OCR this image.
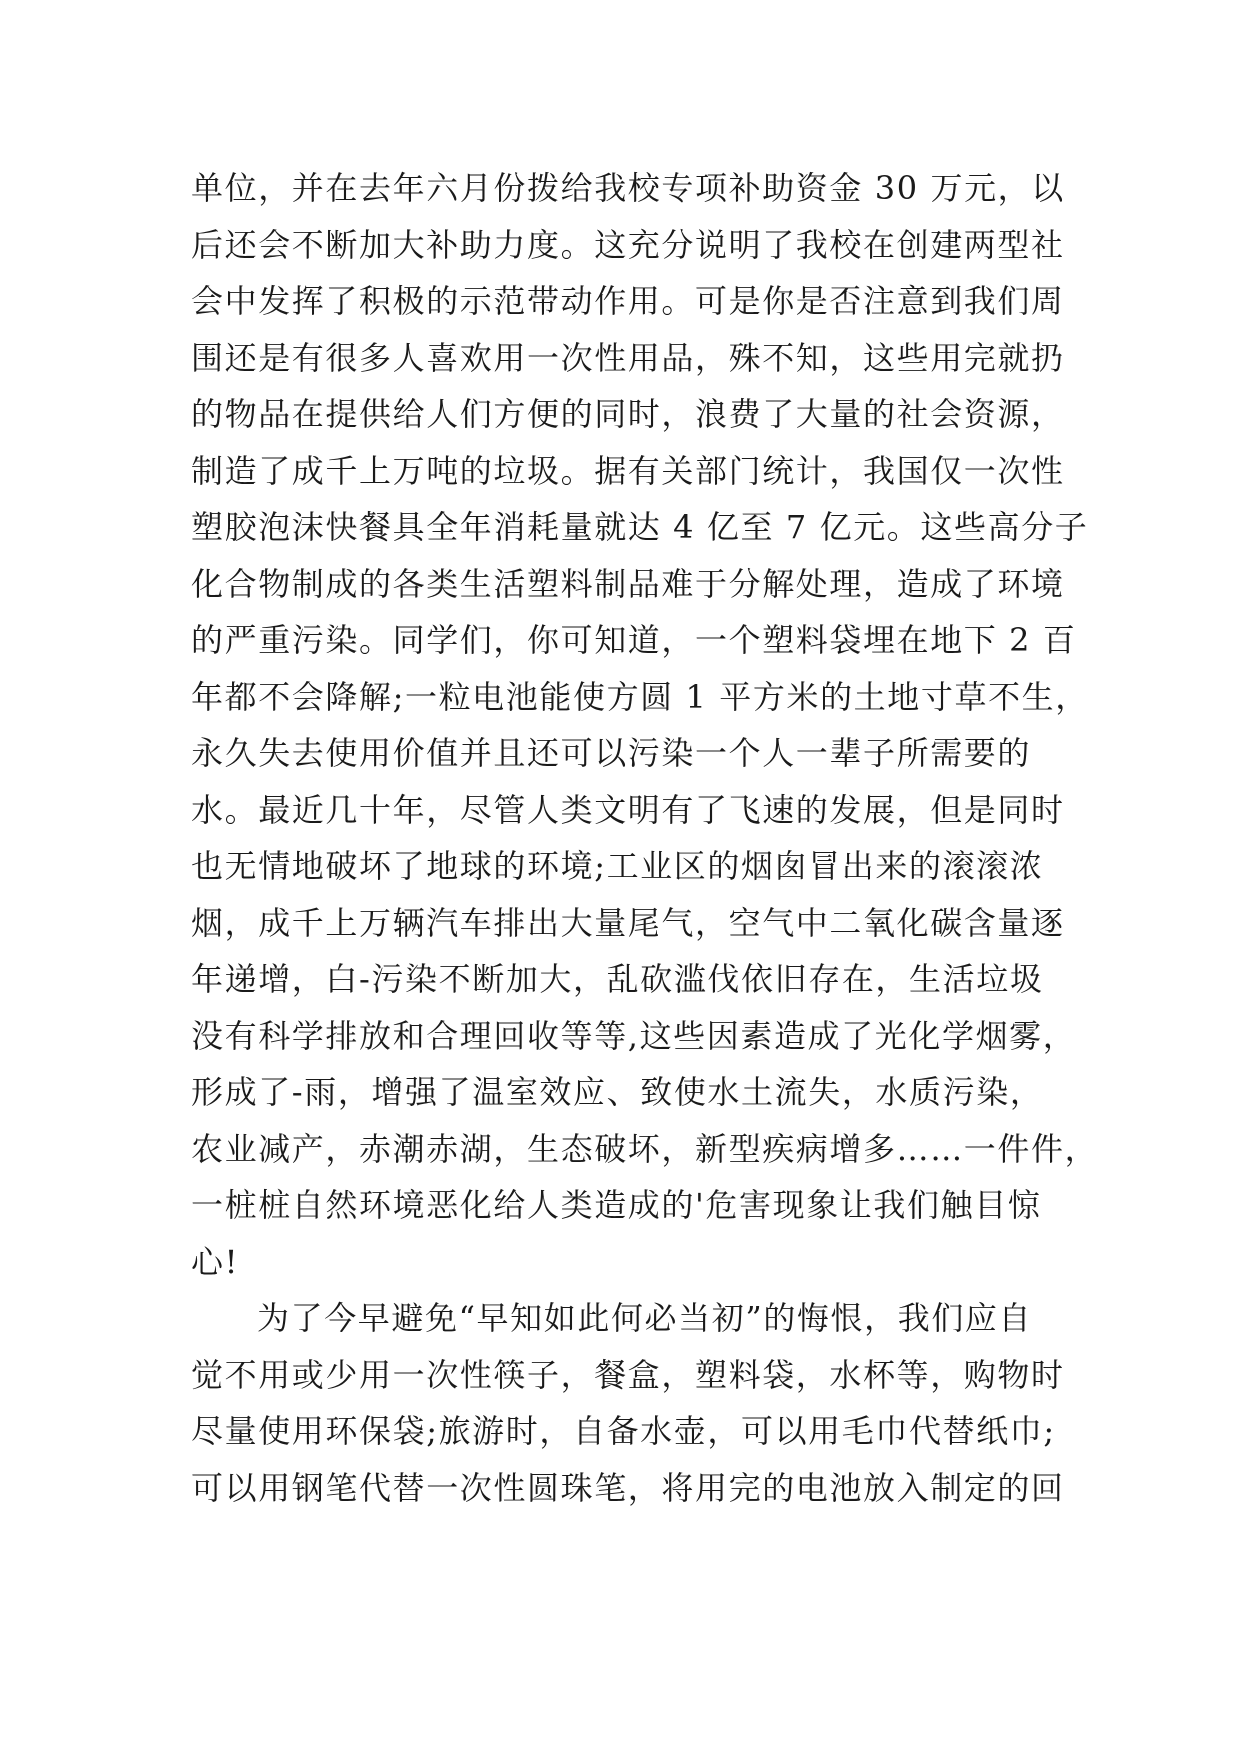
单位，并在去年六月份拨给我校专项补助资金 30 万元，以
后还会不断加大补助力度。这充分说明了我校在创建两型社
会中发挥了积极的示范带动作用。可是你是否注意到我们周
围还是有很多人喜欢用一次性用品，殊不知，这些用完就扔
的物品在提供给人们方便的同时，浪费了大量的社会资源，
制造了成千上万吨的垃圾。据有关部门统计，我国仅一次性
塑胶泡沫快餐具全年消耗量就达 4 亿至 7 亿元。这些高分子
化合物制成的各类生活塑料制品难于分解处理，造成了环境
的严重污染。同学们，你可知道，一个塑料袋埋在地下 2 百
年都不会降解;一粒电池能使方圆 1 平方米的土地寸草不生，
永久失去使用价值并且还可以污染一个人一辈子所需要的
水。最近几十年，尽管人类文明有了飞速的发展，但是同时
也无情地破坏了地球的环境;工业区的烟囱冒出来的滚滚浓
烟，成千上万辆汽车排出大量尾气，空气中二氧化碳含量逐
年递增，白-污染不断加大，乱砍滥伐依旧存在，生活垃圾
没有科学排放和合理回收等等,这些因素造成了光化学烟雾，
形成了-雨，增强了温室效应、致使水土流失，水质污染，
农业减产，赤潮赤湖，生态破坏，新型疾病增多……一件件，
一桩桩自然环境恶化给人类造成的'危害现象让我们触目惊
心!
为了今早避免“早知如此何必当初”的悔恨，我们应自
觉不用或少用一次性筷子，餐盒，塑料袋，水杯等，购物时
尽量使用环保袋;旅游时，自备水壶，可以用毛巾代替纸巾;
可以用钢笔代替一次性圆珠笔，将用完的电池放入制定的回
